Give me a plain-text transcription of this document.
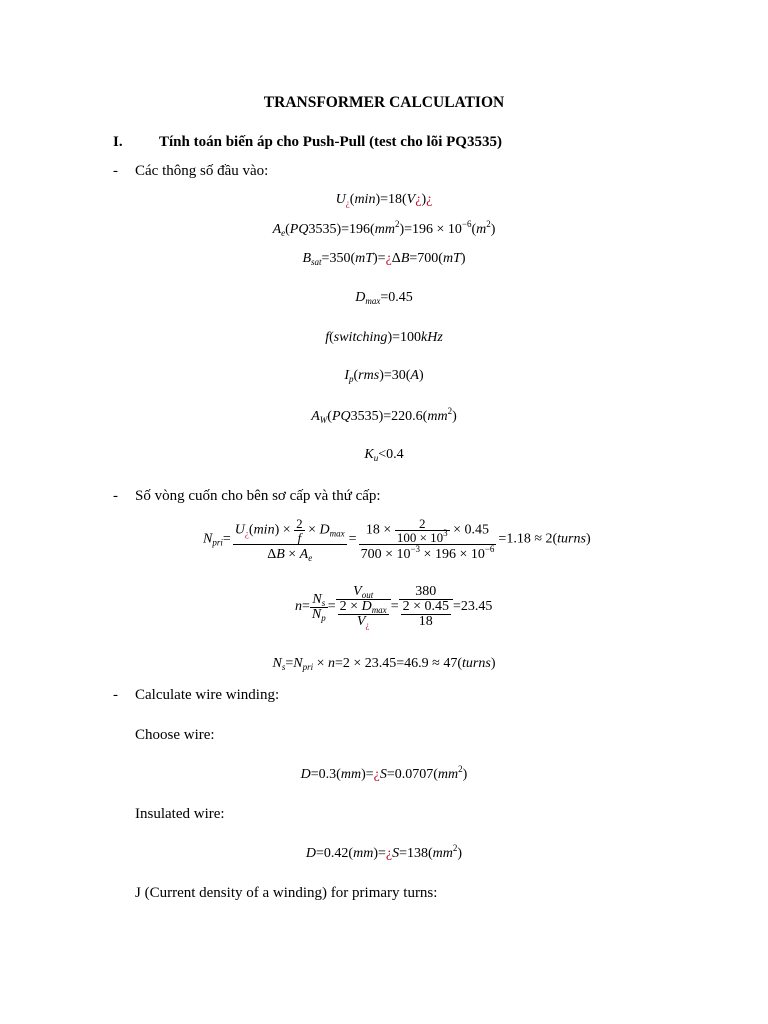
TRANSFORMER CALCULATION
I. Tính toán biến áp cho Push-Pull (test cho lõi PQ3535)
- Các thông số đầu vào:
$U_¿(\min)=18(V¿)¿$
$A_e(PQ3535)=196(mm^2)=196 \times 10^{-6}(m^2)$
$B_{sat}=350(mT)=¿\Delta B=700(mT)$
$D_{max}=0.45$
f(switching)=100kHz
$I_p(rms)=30(A)$
$A_W(PQ3535)=220.6(mm^2)$
$K_u<0.4$
- Số vòng cuốn cho bên sơ cấp và thứ cấp:
$N_{pri}= \frac{U_¿(\min) \times \frac{2}{f} \times D_{max}}{\Delta B \times A_e} = \frac{18 \times \frac{2}{100 \times 10^3} \times 0.45}{700 \times 10^{-3} \times 196 \times 10^{-6}} =1.18$ ≈ 2(turns)
$n= \frac{N_s}{N_p} = \frac{V_{out}}{\frac{2 \times D_{max}}{V_¿}} = \frac{380}{\frac{2 \times 0.45}{18}} =23.45$
$N_s=N_{pri} \times n=2 \times 23.45=46.9$ ≈ 47(turns)
- Calculate wire winding:
Choose wire:
$D=0.3(mm)=¿S=0.0707(mm^2)$
Insulated wire:
$D=0.42(mm)=¿S=138(mm^2)$
J (Current density of a winding) for primary turns:
